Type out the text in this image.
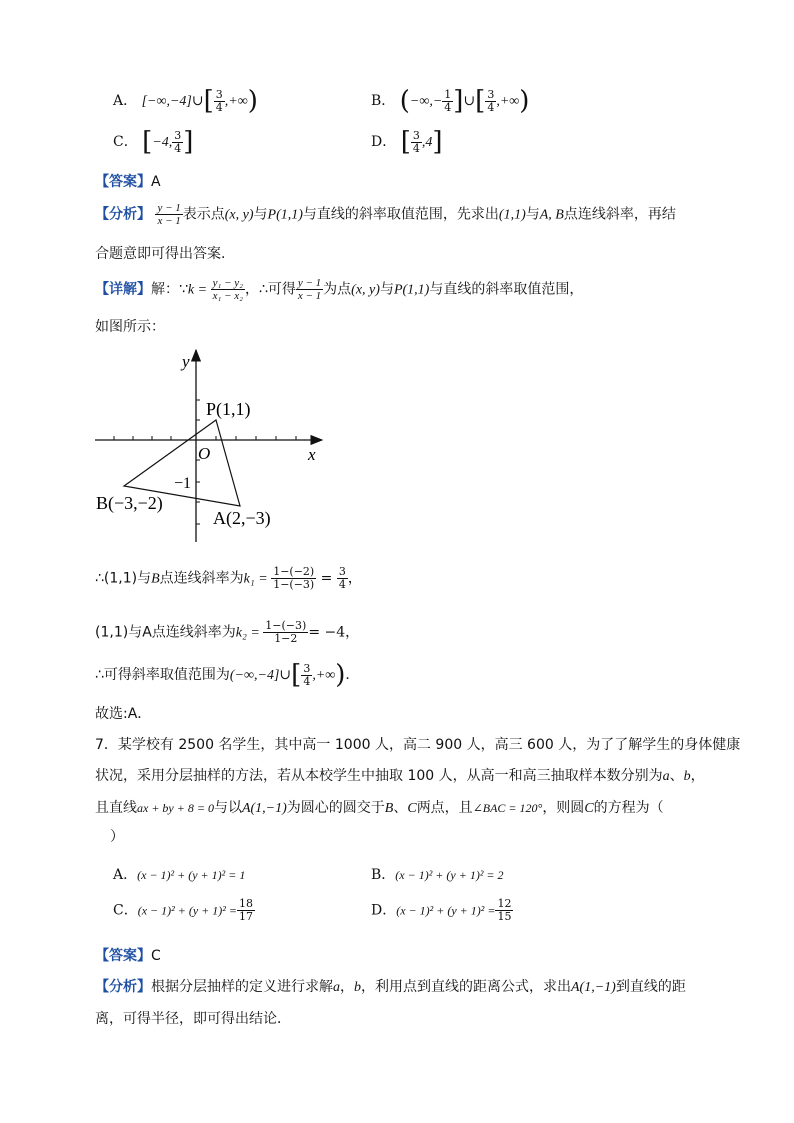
A． [−∞,−4]∪[ $\frac{3}{4}$ ,+∞)	B． (−∞,− $\frac{1}{4}$ ]∪[ $\frac{3}{4}$ ,+∞)
C． [−4, $\frac{3}{4}$ ]	D． [ $\frac{3}{4} ,4$]
【答案】A
【分析】 $\frac{y - 1}{x - 1}$ 表示点(x, y)与P(1,1)与直线的斜率取值范围，先求出(1,1)与A, B点连线斜率，再结
合题意即可得出答案.
【详解】解：∵k = $\frac{\text{y₁ − y₂}}{\text{x₁ − x₂}}$ ，∴可得 $\frac{y - 1}{x - 1}$ 为点(x, y)与P(1,1)与直线的斜率取值范围，
如图所示：
y
x
O
−1
P(1,1)
A(2,−3)
B(−3,−2)
∴(1,1)与B点连线斜率为$k_1 = \frac{1-(-2)}{1-(-3)} = \frac{3}{4}$ ，
(1,1)与A点连线斜率为$k_2 = \frac{1-(-3)}{1-2} = -4$，
∴可得斜率取值范围为(−∞,−4]∪[ $\frac{3}{4}$ ,+∞)．
故选:A．
7．某学校有 2500 名学生，其中高一 1000 人，高二 900 人，高三 600 人，为了了解学生的身体健康
状况，采用分层抽样的方法，若从本校学生中抽取 100 人，从高一和高三抽取样本数分别为a、b，
且直线ax + by + 8 = 0与以A(1,−1)为圆心的圆交于B、C两点，且∠BAC = 120°，则圆C的方程为（
）
A．(x − 1)² + (y + 1)² = 1	B．(x − 1)² + (y + 1)² = 2
C．$(x - 1)^2 + (y + 1)^2 = \frac{18}{17}$	D．$(x - 1)^2 + (y + 1)^2 = \frac{12}{15}$
【答案】C
【分析】根据分层抽样的定义进行求解a，b，利用点到直线的距离公式，求出A(1,−1)到直线的距
离，可得半径，即可得出结论．
